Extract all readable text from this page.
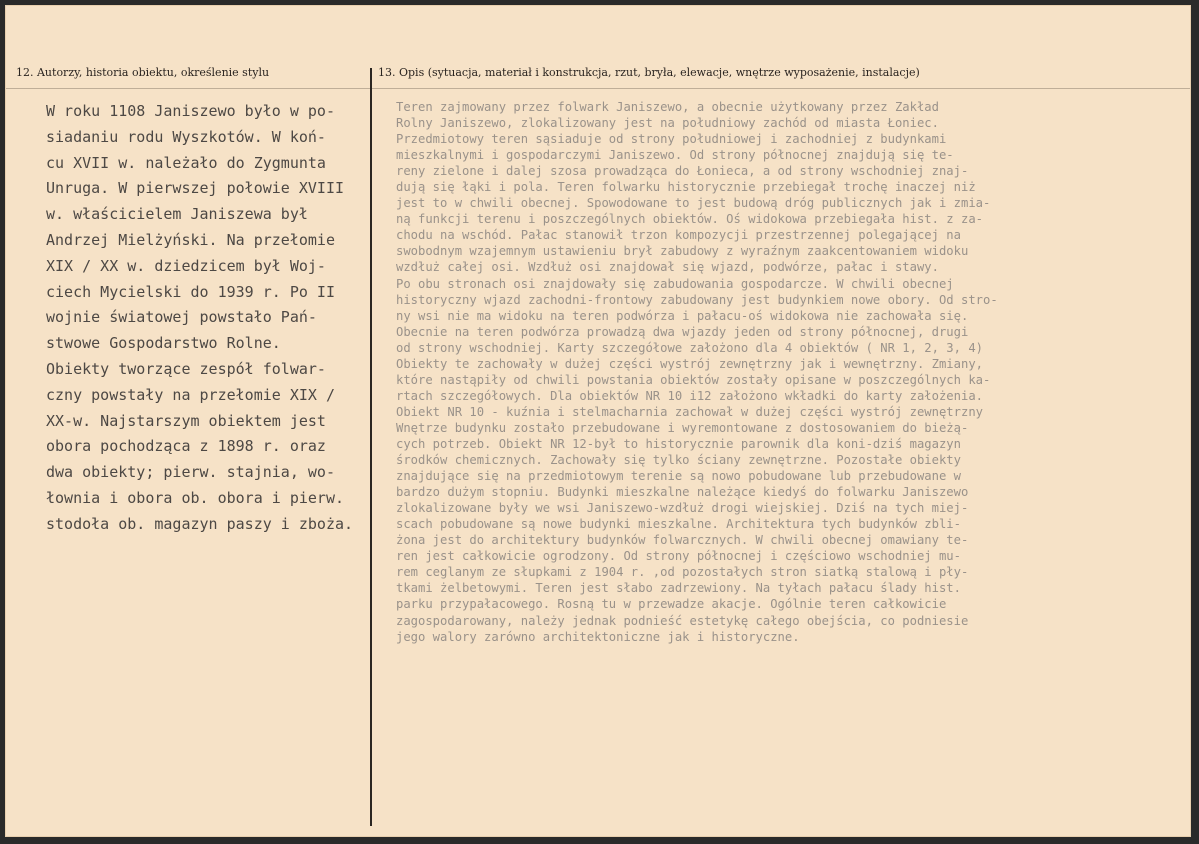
12. Autorzy, historia obiektu, określenie stylu	13. Opis (sytuacja, materiał i konstrukcja, rzut, bryła, elewacje, wnętrze wyposażenie, instalacje)
W roku 1108 Janiszewo było w po-
siadaniu rodu Wyszkotów. W koń-
cu XVII w. należało do Zygmunta
Unruga. W pierwszej połowie XVIII
w. właścicielem Janiszewa był
Andrzej Mielżyński. Na przełomie
XIX / XX w. dziedzicem był Woj-
ciech Mycielski do 1939 r. Po II
wojnie światowej powstało Pań-
stwowe Gospodarstwo Rolne.
Obiekty tworzące zespół folwar-
czny powstały na przełomie XIX /
XX-w. Najstarszym obiektem jest
obora pochodząca z 1898 r. oraz
dwa obiekty; pierw. stajnia, wo-
łownia i obora ob. obora i pierw.
stodoła ob. magazyn paszy i zboża.
Teren zajmowany przez folwark Janiszewo, a obecnie użytkowany przez Zakład
Rolny Janiszewo, zlokalizowany jest na południowy zachód od miasta Łoniec.
Przedmiotowy teren sąsiaduje od strony południowej i zachodniej z budynkami
mieszkalnymi i gospodarczymi Janiszewo. Od strony północnej znajdują się te-
reny zielone i dalej szosa prowadząca do Łoniecа, a od strony wschodniej znaj-
dują się łąki i pola. Teren folwarku historycznie przebiegał trochę inaczej niż
jest to w chwili obecnej. Spowodowane to jest budową dróg publicznych jak i zmia-
ną funkcji terenu i poszczególnych obiektów. Oś widokowa przebiegała hist. z za-
chodu na wschód. Pałac stanowił trzon kompozycji przestrzennej polegającej na
swobodnym wzajemnym ustawieniu brył zabudowy z wyraźnym zaakcentowaniem widoku
wzdłuż całej osi. Wzdłuż osi znajdował się wjazd, podwórze, pałac i stawy.
Po obu stronach osi znajdowały się zabudowania gospodarcze. W chwili obecnej
historyczny wjazd zachodni-frontowy zabudowany jest budynkiem nowe obory. Od stro-
ny wsi nie ma widoku na teren podwórza i pałacu-oś widokowa nie zachowała się.
Obecnie na teren podwórza prowadzą dwa wjazdy jeden od strony północnej, drugi
od strony wschodniej. Karty szczegółowe założono dla 4 obiektów ( NR 1, 2, 3, 4)
Obiekty te zachowały w dużej części wystrój zewnętrzny jak i wewnętrzny. Zmiany,
które nastąpiły od chwili powstania obiektów zostały opisane w poszczególnych ka-
rtach szczegółowych. Dla obiektów NR 10 i12 założono wkładki do karty założenia.
Obiekt NR 10 - kuźnia i stelmacharnia zachował w dużej części wystrój zewnętrzny
Wnętrze budynku zostało przebudowane i wyremontowane z dostosowaniem do bieżą-
cych potrzeb. Obiekt NR 12-był to historycznie parownik dla koni-dziś magazyn
środków chemicznych. Zachowały się tylko ściany zewnętrzne. Pozostałe obiekty
znajdujące się na przedmiotowym terenie są nowo pobudowane lub przebudowane w
bardzo dużym stopniu. Budynki mieszkalne należące kiedyś do folwarku Janiszewo
zlokalizowane były we wsi Janiszewo-wzdłuż drogi wiejskiej. Dziś na tych miej-
scach pobudowane są nowe budynki mieszkalne. Architektura tych budynków zbli-
żona jest do architektury budynków folwarcznych. W chwili obecnej omawiany te-
ren jest całkowicie ogrodzony. Od strony północnej i częściowo wschodniej mu-
rem ceglanym ze słupkami z 1904 r. ,od pozostałych stron siatką stalową i pły-
tkami żelbetowymi. Teren jest słabo zadrzewiony. Na tyłach pałacu ślady hist.
parku przypałacowego. Rosną tu w przewadze akacje. Ogólnie teren całkowicie
zagospodarowany, należy jednak podnieść estetykę całego obejścia, co podniesie
jego walory zarówno architektoniczne jak i historyczne.
